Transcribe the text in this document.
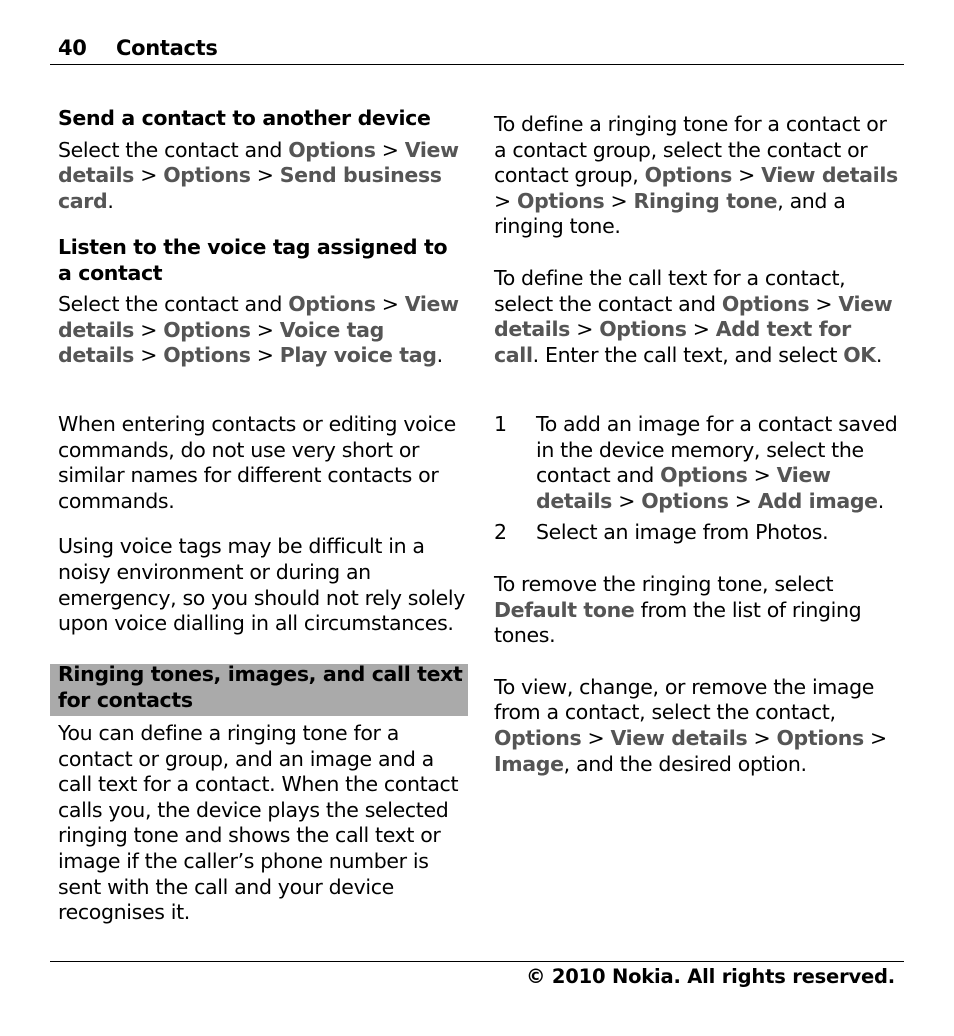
40 Contacts

Send a contact to another device

Select the contact and Options > View details > Options > Send business card.

Listen to the voice tag assigned to a contact

Select the contact and Options > View details > Options > Voice tag details > Options > Play voice tag.

When entering contacts or editing voice commands, do not use very short or similar names for different contacts or commands.

Using voice tags may be difficult in a noisy environment or during an emergency, so you should not rely solely upon voice dialling in all circumstances.

Ringing tones, images, and call text for contacts

You can define a ringing tone for a contact or group, and an image and a call text for a contact. When the contact calls you, the device plays the selected ringing tone and shows the call text or image if the caller’s phone number is sent with the call and your device recognises it.

To define a ringing tone for a contact or a contact group, select the contact or contact group, Options > View details > Options > Ringing tone, and a ringing tone.

To define the call text for a contact, select the contact and Options > View details > Options > Add text for call. Enter the call text, and select OK.

1 To add an image for a contact saved in the device memory, select the contact and Options > View details > Options > Add image.

2 Select an image from Photos.

To remove the ringing tone, select Default tone from the list of ringing tones.

To view, change, or remove the image from a contact, select the contact, Options > View details > Options > Image, and the desired option.

© 2010 Nokia. All rights reserved.
